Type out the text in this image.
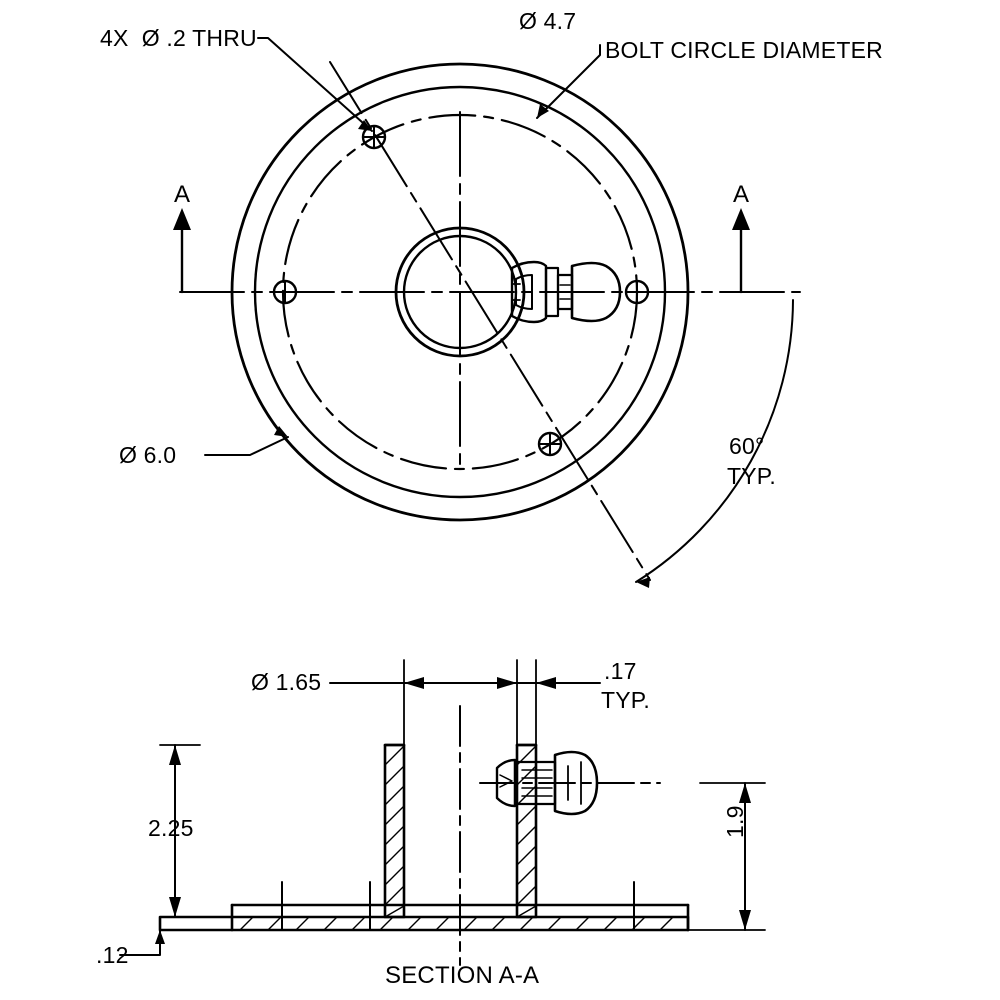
4X  Ø .2 THRU
Ø 4.7
BOLT CIRCLE DIAMETER
Ø 6.0	60°
TYP.
A	A
Ø 1.65	.17
TYP.
2.25	1.9
.12
SECTION A-A
